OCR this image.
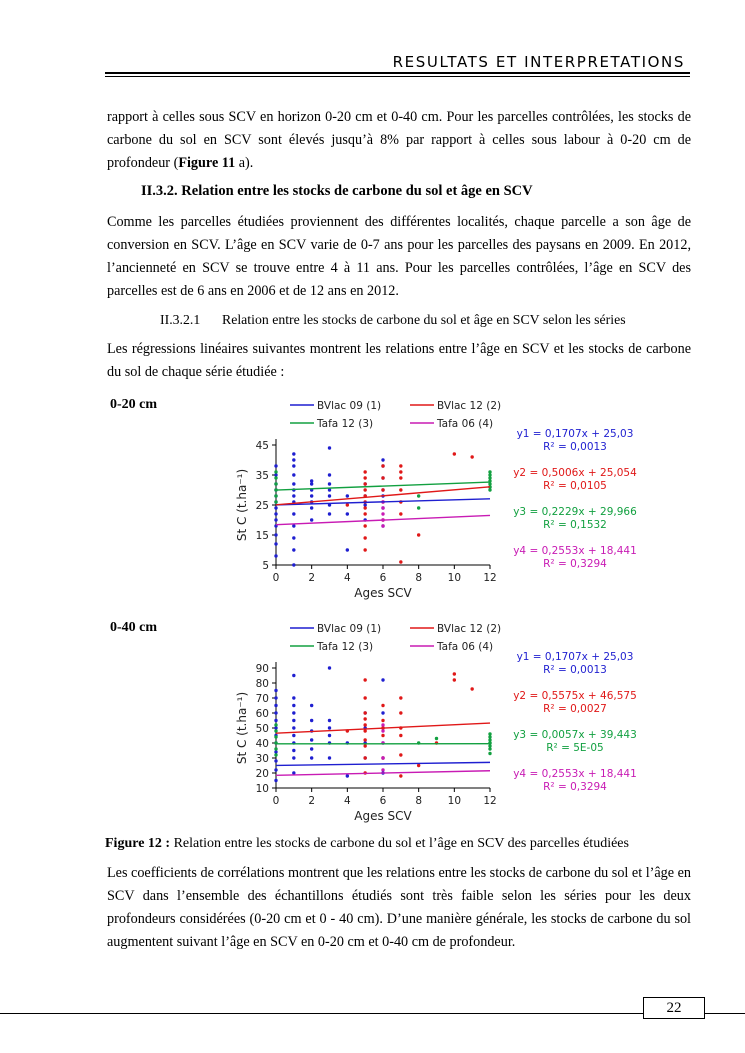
RESULTATS ET INTERPRETATIONS

rapport à celles sous SCV en horizon 0-20 cm et 0-40 cm. Pour les parcelles contrôlées, les stocks de carbone du sol en SCV sont élevés jusqu’à 8% par rapport à celles sous labour à 0-20 cm de profondeur (Figure 11 a).

II.3.2. Relation entre les stocks de carbone du sol et âge en SCV

Comme les parcelles étudiées proviennent des différentes localités, chaque parcelle a son âge de conversion en SCV. L’âge en SCV varie de 0-7 ans pour les parcelles des paysans en 2009. En 2012, l’ancienneté en SCV se trouve entre 4 à 11 ans. Pour les parcelles contrôlées, l’âge en SCV des parcelles est de 6 ans en 2006 et de 12 ans en 2012.

II.3.2.1 Relation entre les stocks de carbone du sol et âge en SCV selon les séries

Les régressions linéaires suivantes montrent les relations entre l’âge en SCV et les stocks de carbone du sol de chaque série étudiée :

0-20 cm	BVlac 09 (1)	BVlac 12 (2)
Tafa 12 (3)	Tafa 06 (4)
5
15
25
35
45
0	2	4	6	8 10 12
Ages SCV
St C (t.ha⁻¹)
y1 = 0,1707x + 25,03
R² = 0,0013
y2 = 0,5006x + 25,054
R² = 0,0105
y3 = 0,2229x + 29,966
R² = 0,1532
y4 = 0,2553x + 18,441
R² = 0,3294
0-40 cm	BVlac 09 (1)	BVlac 12 (2)
Tafa 12 (3)	Tafa 06 (4)
10
20
30
40
50
60
70
80
90
0	2	4	6	8 10 12
Ages SCV
St C (t.ha⁻¹)
y1 = 0,1707x + 25,03
R² = 0,0013
y2 = 0,5575x + 46,575
R² = 0,0027
y3 = 0,0057x + 39,443
R² = 5E-05
y4 = 0,2553x + 18,441
R² = 0,3294

Figure 12 : Relation entre les stocks de carbone du sol et l’âge en SCV des parcelles étudiées

Les coefficients de corrélations montrent que les relations entre les stocks de carbone du sol et l’âge en SCV dans l’ensemble des échantillons étudiés sont très faible selon les séries pour les deux profondeurs considérées (0-20 cm et 0 - 40 cm). D’une manière générale, les stocks de carbone du sol augmentent suivant l’âge en SCV en 0-20 cm et 0-40 cm de profondeur.

22
